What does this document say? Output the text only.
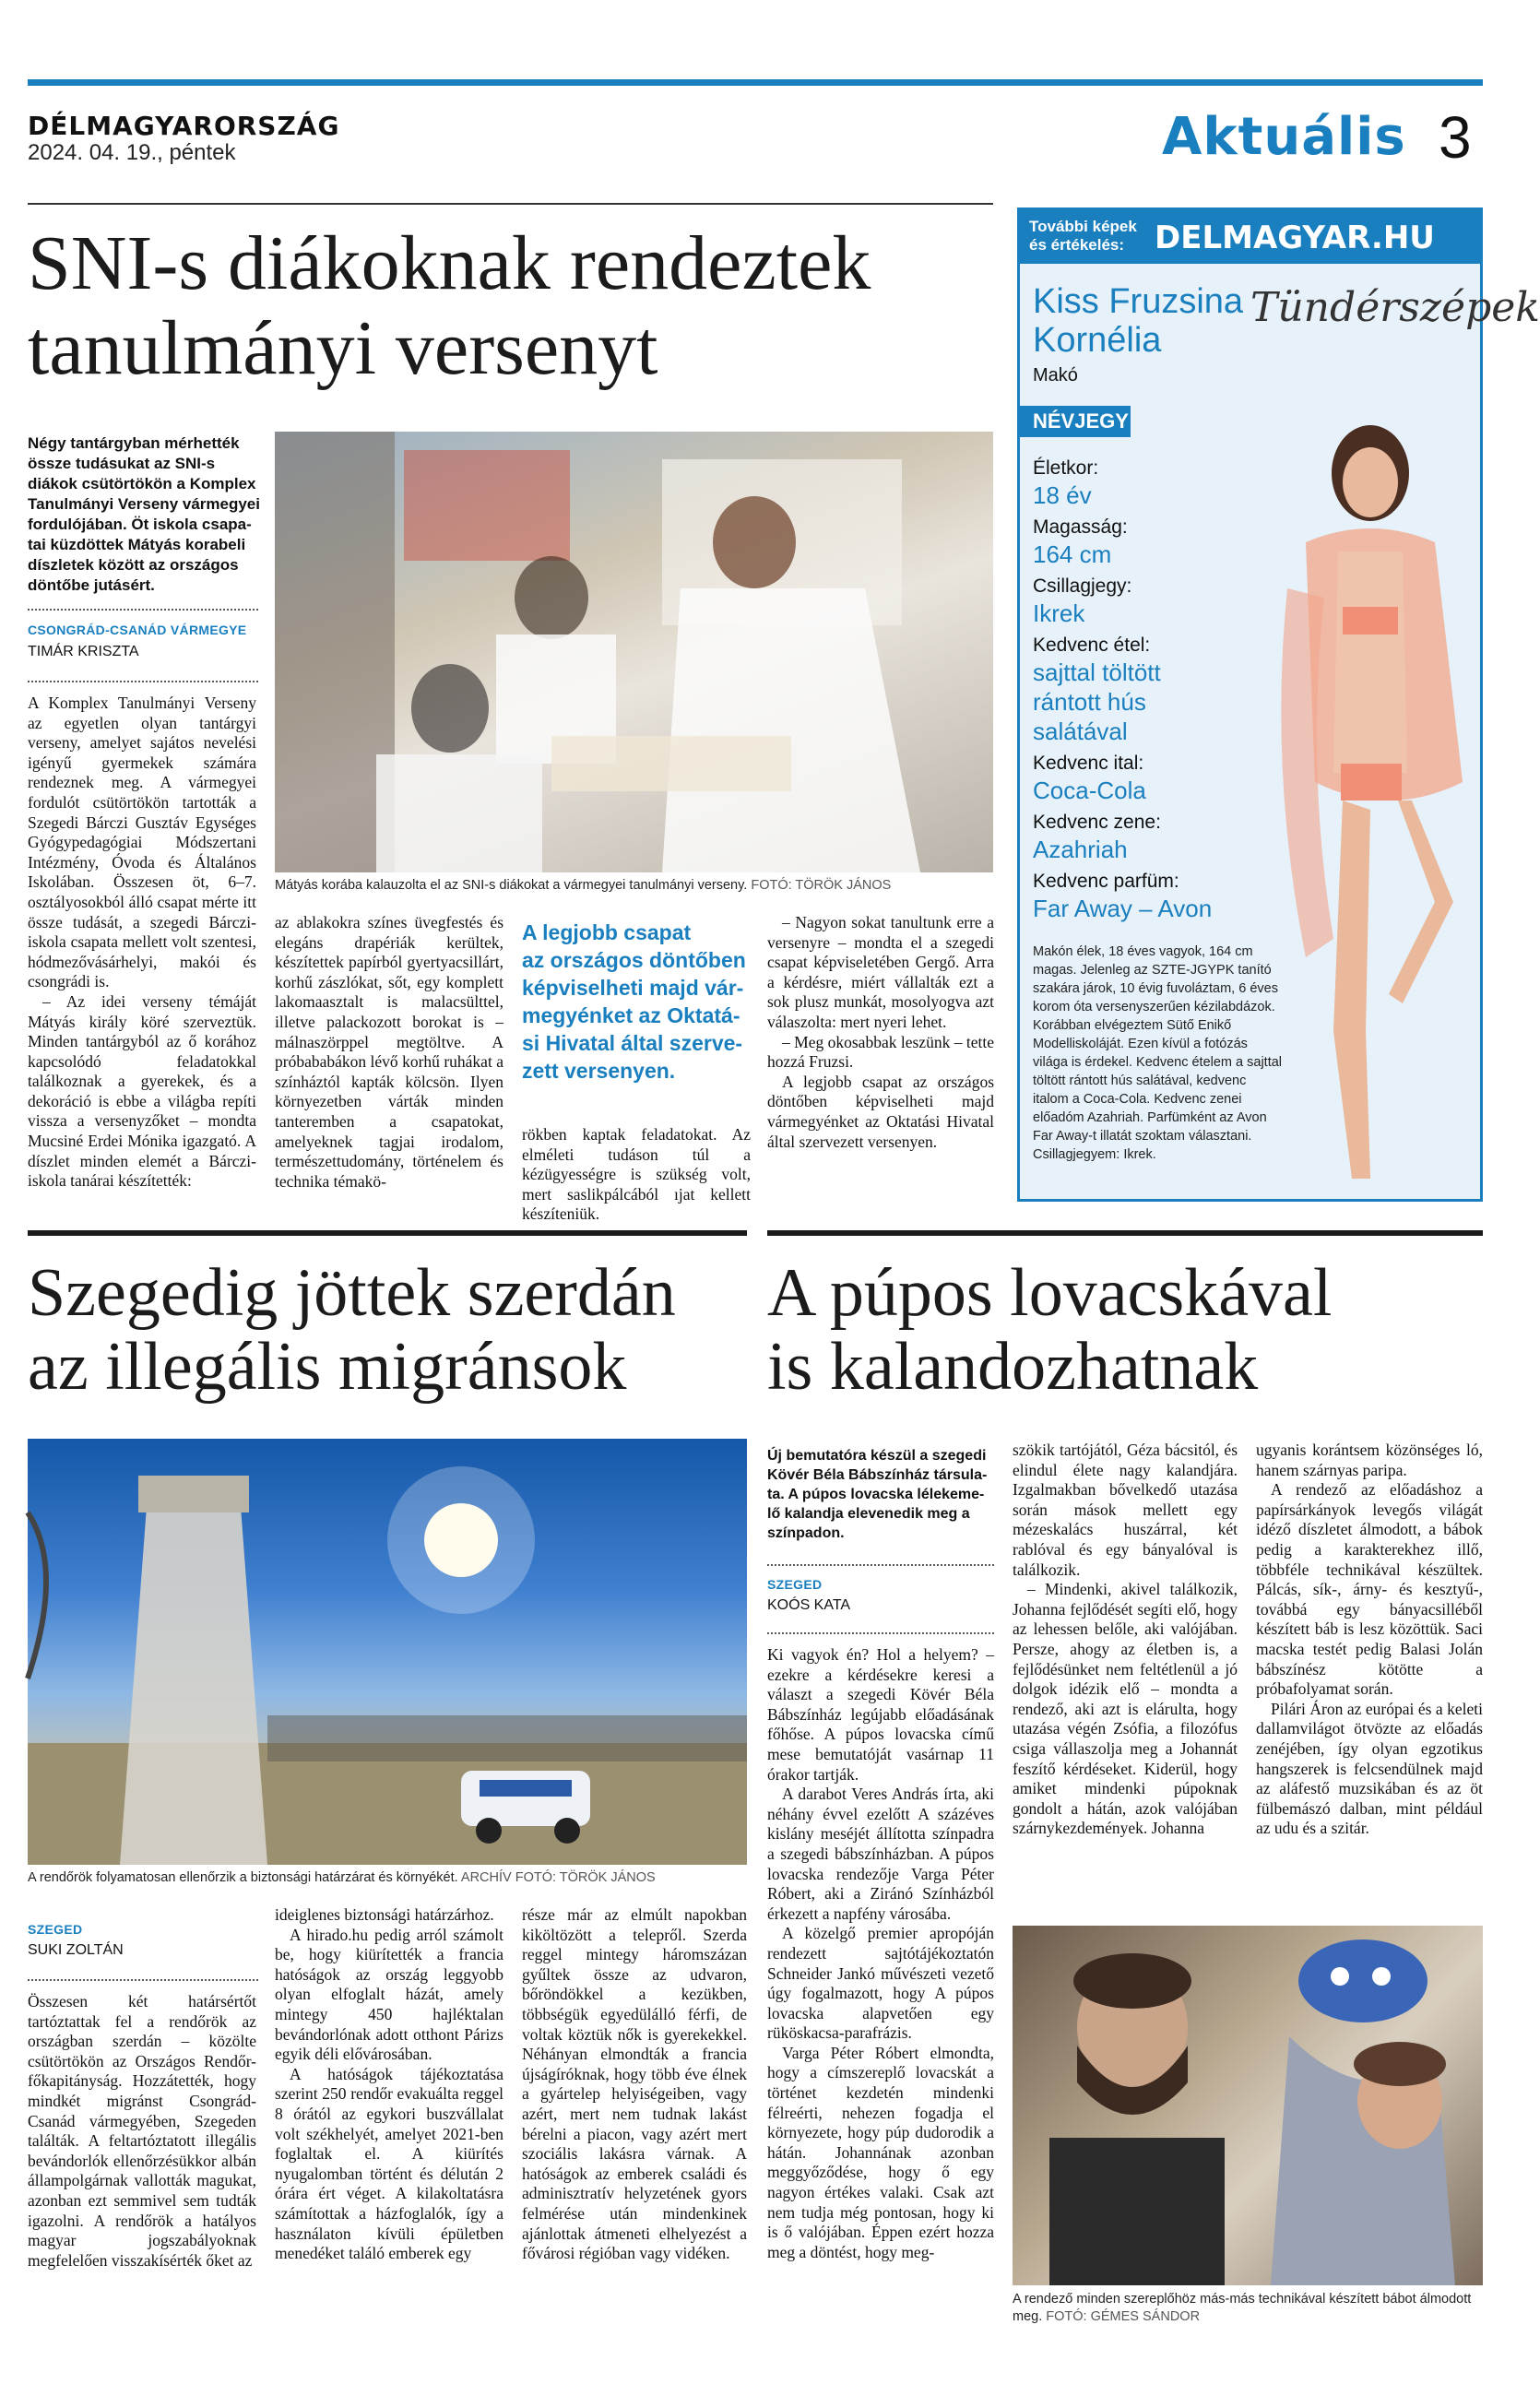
DÉLMAGYARORSZÁG
2024. 04. 19., péntek	Aktuális 3
SNI-s diákoknak rendeztek
tanulmányi versenyt
Négy tantárgyban mérhették
össze tudásukat az SNI-s
diákok csütörtökön a Komplex
Tanulmányi Verseny vármegyei
fordulójában. Öt iskola csapa-
tai küzdöttek Mátyás korabeli
díszletek között az országos
döntőbe jutásért.
CSONGRÁD-CSANÁD VÁRMEGYE
TIMÁR KRISZTA
Mátyás korába kalauzolta el az SNI-s diákokat a vármegyei tanulmányi verseny. FOTÓ: TÖRÖK JÁNOS

A Komplex Tanulmányi Verseny az egyetlen olyan tantárgyi verseny, amelyet sajátos nevelési igényű gyermekek számára rendeznek meg. A vármegyei fordulót csütörtökön tartották a Szegedi Bárczi Gusztáv Egységes Gyógypedagógiai Módszertani Intézmény, Óvoda és Általános Iskolában. Összesen öt, 6–7. osztályosokból álló csapat mérte itt össze tudását, a szegedi Bárczi-iskola csapata mellett volt szentesi, hódmezővásárhelyi, makói és csongrádi is.

– Az idei verseny témáját Mátyás király köré szerveztük. Minden tantárgyból az ő korához kapcsolódó feladatokkal találkoznak a gyerekek, és a dekoráció is ebbe a világba repíti vissza a versenyzőket – mondta Mucsiné Erdei Mónika igazgató. A díszlet minden elemét a Bárczi-iskola tanárai készítették:

az ablakokra színes üvegfestés és elegáns drapériák kerültek, készítettek papírból gyertyacsillárt, korhű zászlókat, sőt, egy komplett lakomaasztalt is malacsülttel, illetve palackozott borokat is – málnaszörppel megtöltve. A próbababákon lévő korhű ruhákat a színháztól kapták kölcsön. Ilyen környezetben várták minden tanteremben a csapatokat, amelyeknek tagjai irodalom, természettudomány, történelem és technika témakö-

A legjobb csapat
az országos döntőben
képviselheti majd vár-
megyénket az Oktatá-
si Hivatal által szerve-
zett versenyen.

rökben kaptak feladatokat. Az elméleti tudáson túl a kézügyességre is szükség volt, mert saslikpálcából ıjat kellett készíteniük.

– Nagyon sokat tanultunk erre a versenyre – mondta el a szegedi csapat képviseletében Gergő. Arra a kérdésre, miért vállalták ezt a sok plusz munkát, mosolyogva azt válaszolta: mert nyeri lehet.

– Meg okosabbak leszünk – tette hozzá Fruzsi.

A legjobb csapat az országos döntőben képviselheti majd vármegyénket az Oktatási Hivatal által szervezett versenyen.

További képek
és értékelés: DELMAGYAR.HU
Kiss Fruzsina
Kornélia
Makó
Tündérszépek
NÉVJEGY
Életkor:
18 év
Magasság:
164 cm
Csillagjegy:
Ikrek
Kedvenc étel:
sajttal töltött
rántott hús
salátával
Kedvenc ital:
Coca-Cola
Kedvenc zene:
Azahriah
Kedvenc parfüm:
Far Away – Avon
Makón élek, 18 éves vagyok, 164 cm magas. Jelenleg az SZTE-JGYPK tanító szakára járok, 10 évig fuvoláztam, 6 éves korom óta versenyszerűen kézilabdázok. Korábban elvégeztem Sütő Enikő Modelliskoláját. Ezen kívül a fotózás világa is érdekel. Kedvenc ételem a sajttal töltött rántott hús salátával, kedvenc italom a Coca-Cola. Kedvenc zenei előadóm Azahriah. Parfümként az Avon Far Away-t illatát szoktam választani. Csillagjegyem: Ikrek.
Szegedig jöttek szerdán
az illegális migránsok
A rendőrök folyamatosan ellenőrzik a biztonsági határzárat és környékét. ARCHÍV FOTÓ: TÖRÖK JÁNOS
SZEGED
SUKI ZOLTÁN

Összesen két határsértőt tartóztattak fel a rendőrök az országban szerdán – közölte csütörtökön az Országos Rendőr-főkapitányság. Hozzátették, hogy mindkét migránst Csongrád-Csanád vármegyében, Szegeden találták. A feltartóztatott illegális bevándorlók ellenőrzésükkor albán állampolgárnak vallották magukat, azonban ezt semmivel sem tudták igazolni. A rendőrök a hatályos magyar jogszabályoknak megfelelően visszakísérték őket az

ideiglenes biztonsági határzárhoz.

A hirado.hu pedig arról számolt be, hogy kiürítették a francia hatóságok az ország leggyobb olyan elfoglalt házát, amely mintegy 450 hajléktalan bevándorlónak adott otthont Párizs egyik déli elővárosában.

A hatóságok tájékoztatása szerint 250 rendőr evakuálta reggel 8 órától az egykori buszvállalat volt székhelyét, amelyet 2021-ben foglaltak el. A kiürítés nyugalomban történt és délután 2 órára ért véget. A kilakoltatásra számítottak a házfoglalók, így a használaton kívüli épületben menedéket találó emberek egy

része már az elmúlt napokban kiköltözött a telepről. Szerda reggel mintegy háromszázan gyűltek össze az udvaron, bőröndökkel a kezükben, többségük egyedülálló férfi, de voltak köztük nők is gyerekekkel. Néhányan elmondták a francia újságíróknak, hogy több éve élnek a gyártelep helyiségeiben, vagy azért, mert nem tudnak lakást bérelni a piacon, vagy azért mert szociális lakásra várnak. A hatóságok az emberek családi és adminisztratív helyzetének gyors felmérése után mindenkinek ajánlottak átmeneti elhelyezést a fővárosi régióban vagy vidéken.

A púpos lovacskával
is kalandozhatnak
Új bemutatóra készül a szegedi
Kövér Béla Bábszínház társula-
ta. A púpos lovacska lélekeme-
lő kalandja elevenedik meg a
színpadon.
SZEGED
KOÓS KATA

Ki vagyok én? Hol a helyem? – ezekre a kérdésekre keresi a választ a szegedi Kövér Béla Bábszínház legújabb előadásának főhőse. A púpos lovacska című mese bemutatóját vasárnap 11 órakor tartják.

A darabot Veres András írta, aki néhány évvel ezelőtt A százéves kislány meséjét állította színpadra a szegedi bábszínházban. A púpos lovacska rendezője Varga Péter Róbert, aki a Ziránó Színházból érkezett a napfény városába.

A közelgő premier apropóján rendezett sajtótájékoztatón Schneider Jankó művészeti vezető úgy fogalmazott, hogy A púpos lovacska alapvetően egy rüköskacsa-parafrázis.

Varga Péter Róbert elmondta, hogy a címszereplő lovacskát a történet kezdetén mindenki félreérti, nehezen fogadja el környezete, hogy púp dudorodik a hátán. Johannának azonban meggyőződése, hogy ő egy nagyon értékes valaki. Csak azt nem tudja még pontosan, hogy ki is ő valójában. Éppen ezért hozza meg a döntést, hogy meg-

szökik tartójától, Géza bácsitól, és elindul élete nagy kalandjára. Izgalmakban bővelkedő utazása során mások mellett egy mézeskalács huszárral, két rablóval és egy bányalóval is találkozik.

– Mindenki, akivel találkozik, Johanna fejlődését segíti elő, hogy az lehessen belőle, aki valójában. Persze, ahogy az életben is, a fejlődésünket nem feltétlenül a jó dolgok idézik elő – mondta a rendező, aki azt is elárulta, hogy utazása végén Zsófia, a filozófus csiga vállaszolja meg a Johannát feszítő kérdéseket. Kiderül, hogy amiket mindenki púpoknak gondolt a hátán, azok valójában szárnykezdemények. Johanna

ugyanis korántsem közönséges ló, hanem szárnyas paripa.

A rendező az előadáshoz a papírsárkányok levegős világát idéző díszletet álmodott, a bábok pedig a karakterekhez illő, többféle technikával készültek. Pálcás, sík-, árny- és kesztyű-, továbbá egy bányacsillé​ből készített báb is lesz közöttük. Saci macska testét pedig Balasi Jolán bábszínész kötötte a próbafolyamat során.

Pilári Áron az európai és a keleti dallamvilágot ötvözte az előadás zenéjében, így olyan egzotikus hangszerek is felcsendülnek majd az aláfestő muzsikában és az öt fülbemászó dalban, mint például az udu és a szitár.

A rendező minden szereplőhöz más-más technikával készített bábot álmodott meg. FOTÓ: GÉMES SÁNDOR
